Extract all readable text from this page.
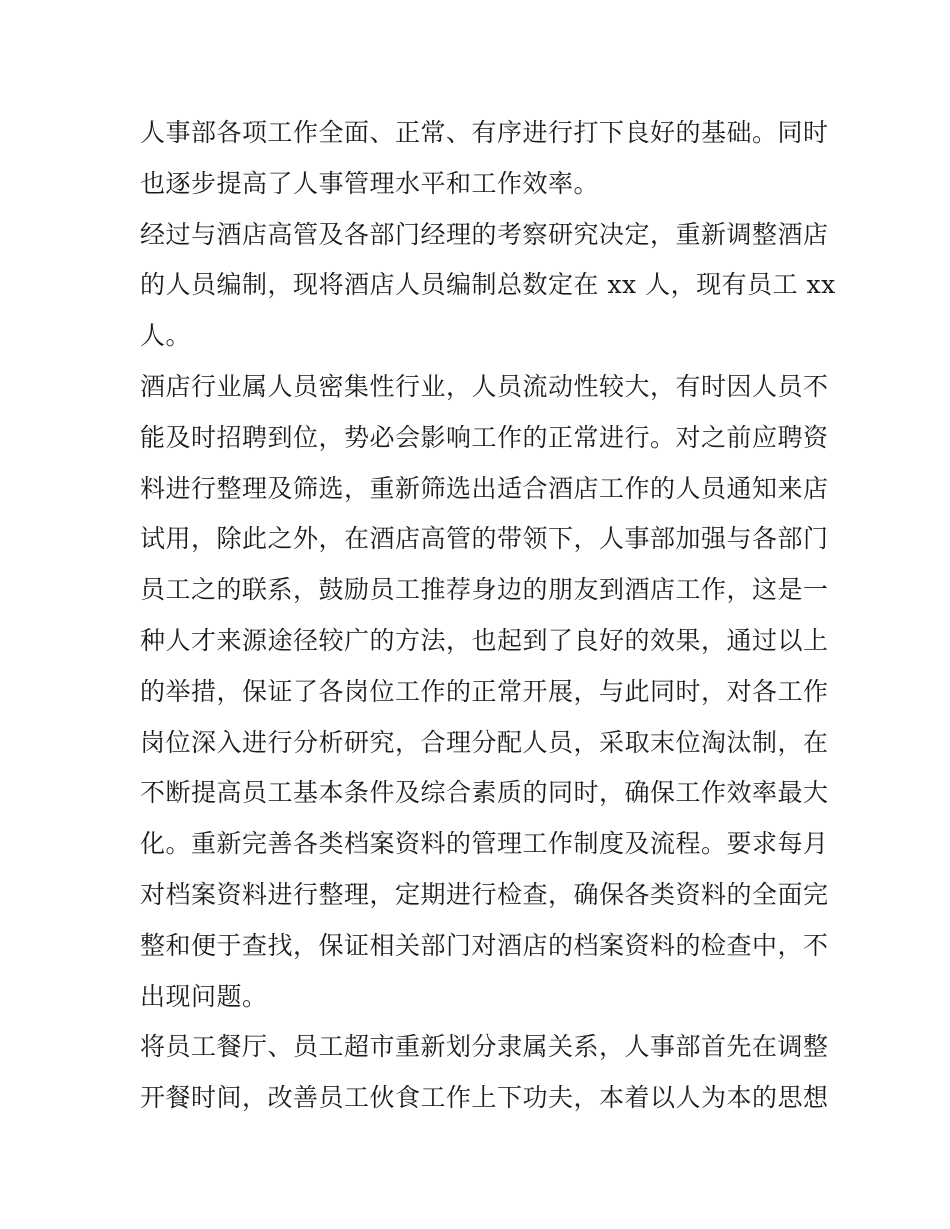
人事部各项工作全面、正常、有序进行打下良好的基础。同时
也逐步提高了人事管理水平和工作效率。
经过与酒店高管及各部门经理的考察研究决定，重新调整酒店
的人员编制，现将酒店人员编制总数定在 xx 人，现有员工 xx
人。
酒店行业属人员密集性行业，人员流动性较大，有时因人员不
能及时招聘到位，势必会影响工作的正常进行。对之前应聘资
料进行整理及筛选，重新筛选出适合酒店工作的人员通知来店
试用，除此之外，在酒店高管的带领下，人事部加强与各部门
员工之的联系，鼓励员工推荐身边的朋友到酒店工作，这是一
种人才来源途径较广的方法，也起到了良好的效果，通过以上
的举措，保证了各岗位工作的正常开展，与此同时，对各工作
岗位深入进行分析研究，合理分配人员，采取末位淘汰制，在
不断提高员工基本条件及综合素质的同时，确保工作效率最大
化。重新完善各类档案资料的管理工作制度及流程。要求每月
对档案资料进行整理，定期进行检查，确保各类资料的全面完
整和便于查找，保证相关部门对酒店的档案资料的检查中，不
出现问题。
将员工餐厅、员工超市重新划分隶属关系，人事部首先在调整
开餐时间，改善员工伙食工作上下功夫，本着以人为本的思想
